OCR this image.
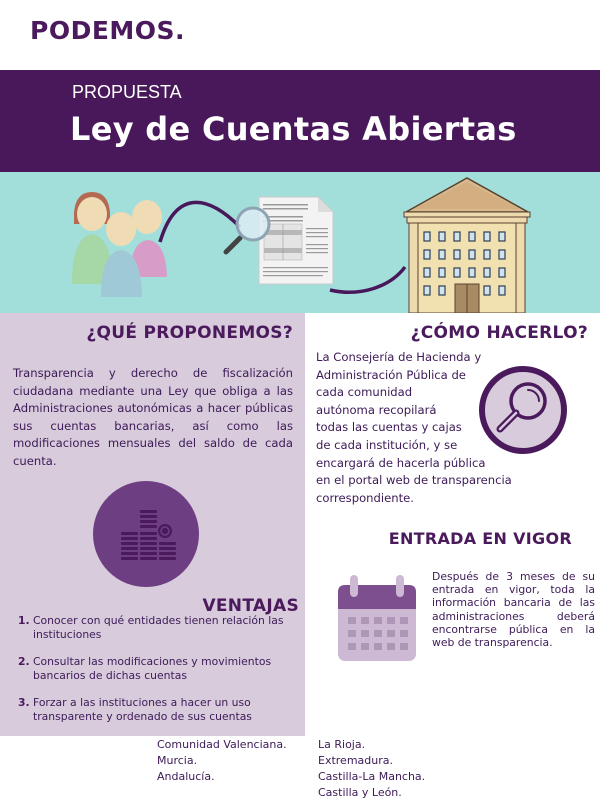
PODEMOS.
PROPUESTA
Ley de Cuentas Abiertas
¿QUÉ PROPONEMOS?
Transparencia y derecho de fiscalización ciudadana mediante una Ley que obliga a las Administraciones autonómicas a hacer públicas sus cuentas bancarias, así como las modificaciones mensuales del saldo de cada cuenta.
VENTAJAS
1. Conocer con qué entidades tienen relación las instituciones
2. Consultar las modificaciones y movimientos bancarios de dichas cuentas
3. Forzar a las instituciones a hacer un uso transparente y ordenado de sus cuentas
¿CÓMO HACERLO?
La Consejería de Hacienda y
Administración Pública de
cada comunidad
autónoma recopilará
todas las cuentas y cajas
de cada institución, y se
encargará de hacerla pública
en el portal web de transparencia
correspondiente.
ENTRADA EN VIGOR
Después de 3 meses de su entrada en vigor, toda la información bancaria de las administraciones deberá encontrarse pública en la web de transparencia.
Comunidad Valenciana.
Murcia.
Andalucía.
La Rioja.
Extremadura.
Castilla-La Mancha.
Castilla y León.
